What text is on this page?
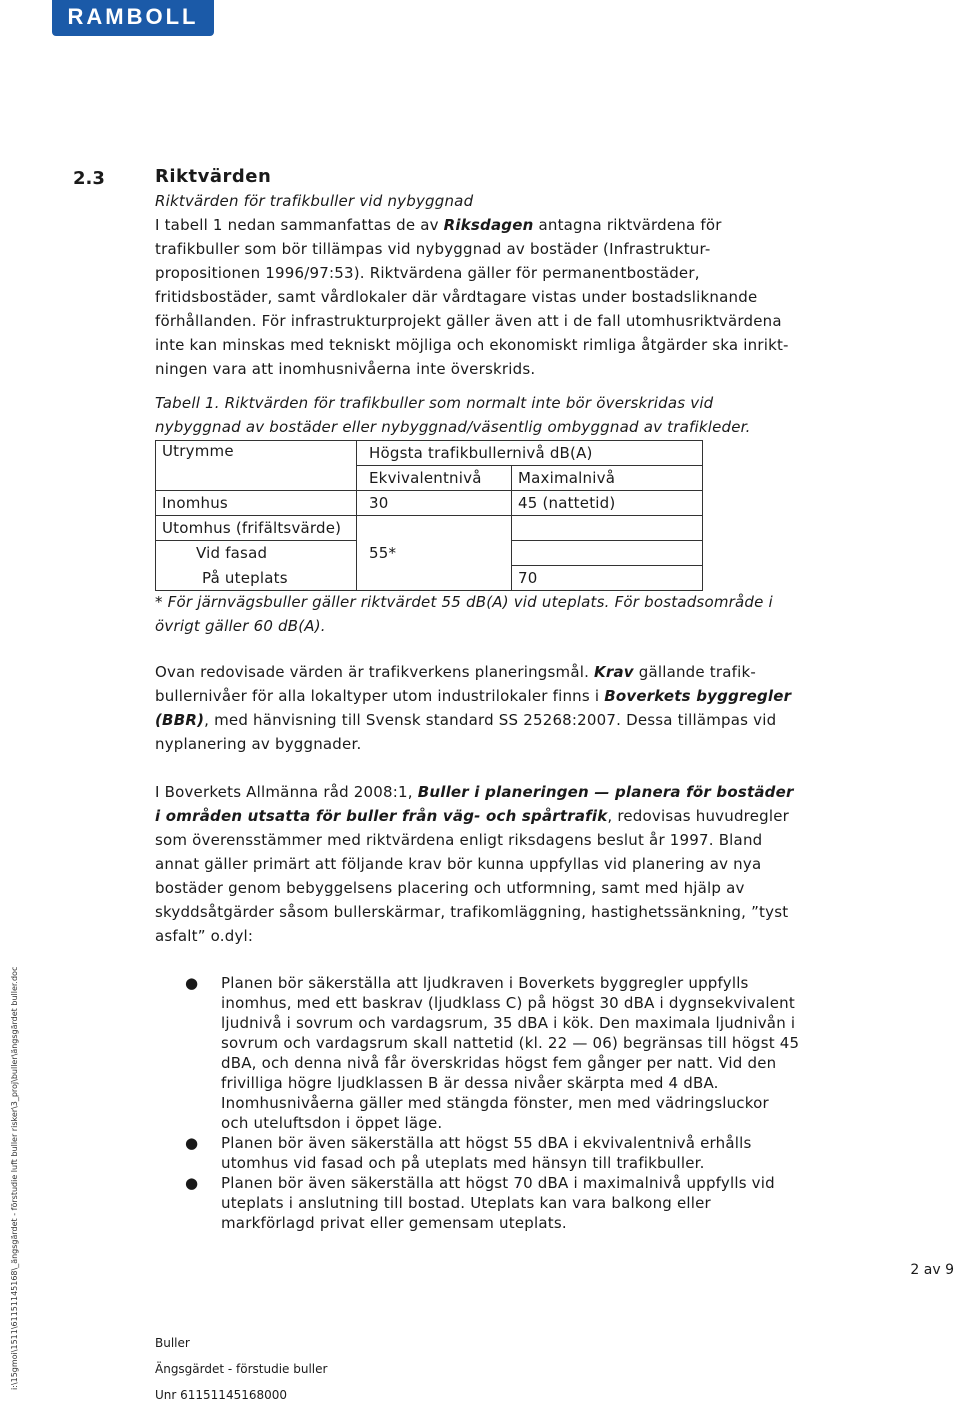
RAMBOLL
2.3	Riktvärden
Riktvärden för trafikbuller vid nybyggnad
I tabell 1 nedan sammanfattas de av Riksdagen antagna riktvärdena för
trafikbuller som bör tillämpas vid nybyggnad av bostäder (Infrastruktur-
propositionen 1996/97:53). Riktvärdena gäller för permanentbostäder,
fritidsbostäder, samt vårdlokaler där vårdtagare vistas under bostadsliknande
förhållanden. För infrastrukturprojekt gäller även att i de fall utomhusriktvärdena
inte kan minskas med tekniskt möjliga och ekonomiskt rimliga åtgärder ska inrikt-
ningen vara att inomhusnivåerna inte överskrids.
Tabell 1. Riktvärden för trafikbuller som normalt inte bör överskridas vid
nybyggnad av bostäder eller nybyggnad/väsentlig ombyggnad av trafikleder.
Utrymme	Högsta trafikbullernivå dB(A)	
	Ekvivalentnivå	Maximalnivå
Inomhus	30	45 (nattetid)
Utomhus (frifältsvärde)		
Vid fasad	55*	
På uteplats		70
* För järnvägsbuller gäller riktvärdet 55 dB(A) vid uteplats. För bostadsområde i
övrigt gäller 60 dB(A).
Ovan redovisade värden är trafikverkens planeringsmål. Krav gällande trafik-
bullernivåer för alla lokaltyper utom industrilokaler finns i Boverkets byggregler
(BBR), med hänvisning till Svensk standard SS 25268:2007. Dessa tillämpas vid
nyplanering av byggnader.
I Boverkets Allmänna råd 2008:1, Buller i planeringen — planera för bostäder
i områden utsatta för buller från väg- och spårtrafik, redovisas huvudregler
som överensstämmer med riktvärdena enligt riksdagens beslut år 1997. Bland
annat gäller primärt att följande krav bör kunna uppfyllas vid planering av nya
bostäder genom bebyggelsens placering och utformning, samt med hjälp av
skyddsåtgärder såsom bullerskärmar, trafikomläggning, hastighetssänkning, ”tyst
asfalt” o.dyl:
● Planen bör säkerställa att ljudkraven i Boverkets byggregler uppfylls
inomhus, med ett baskrav (ljudklass C) på högst 30 dBA i dygnsekvivalent
ljudnivå i sovrum och vardagsrum, 35 dBA i kök. Den maximala ljudnivån i
sovrum och vardagsrum skall nattetid (kl. 22 — 06) begränsas till högst 45
dBA, och denna nivå får överskridas högst fem gånger per natt. Vid den
frivilliga högre ljudklassen B är dessa nivåer skärpta med 4 dBA.
Inomhusnivåerna gäller med stängda fönster, men med vädringsluckor
och uteluftsdon i öppet läge.
● Planen bör även säkerställa att högst 55 dBA i ekvivalentnivå erhålls
utomhus vid fasad och på uteplats med hänsyn till trafikbuller.
● Planen bör även säkerställa att högst 70 dBA i maximalnivå uppfylls vid
uteplats i anslutning till bostad. Uteplats kan vara balkong eller
markförlagd privat eller gemensam uteplats.
2 av 9
i:\15gmoi\1511\61151145168\_ängsgärdet - förstudie luft buller risker\3_proj\buller\ängsgärdet buller.doc	Buller
Ängsgärdet - förstudie buller
Unr 61151145168000
